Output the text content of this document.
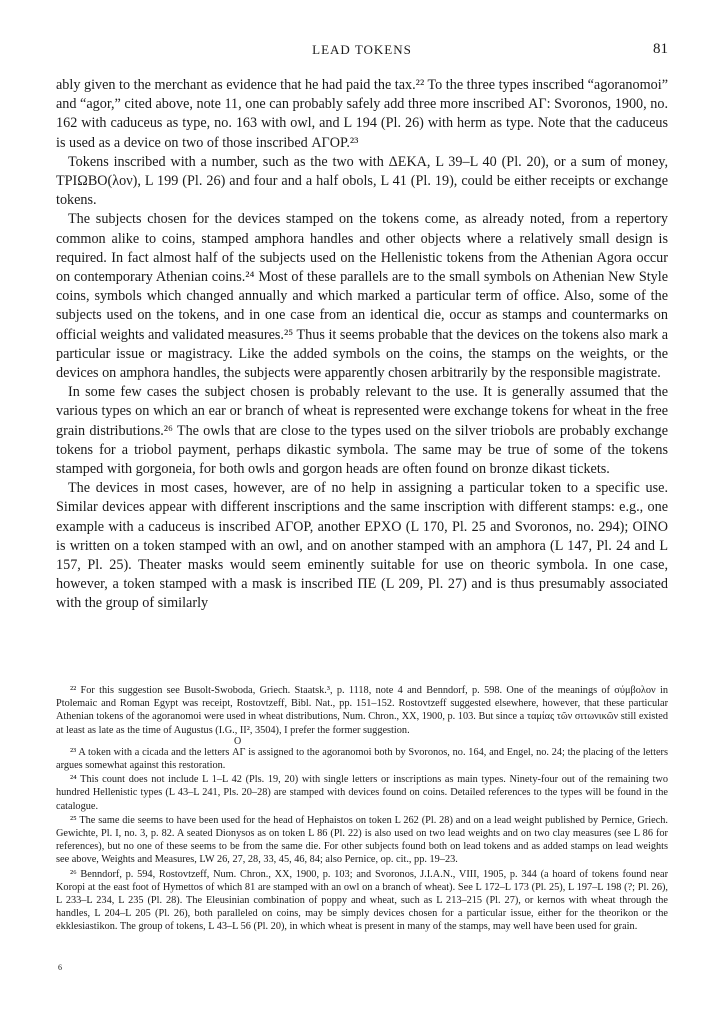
LEAD TOKENS	81

ably given to the merchant as evidence that he had paid the tax.²² To the three types inscribed “agoranomoi” and “agor,” cited above, note 11, one can probably safely add three more inscribed ΑΓ: Svoronos, 1900, no. 162 with caduceus as type, no. 163 with owl, and L 194 (Pl. 26) with herm as type. Note that the caduceus is used as a device on two of those inscribed ΑΓΟΡ.²³

Tokens inscribed with a number, such as the two with ΔΕΚΑ, L 39–L 40 (Pl. 20), or a sum of money, ΤΡΙΩΒΟ(λον), L 199 (Pl. 26) and four and a half obols, L 41 (Pl. 19), could be either receipts or exchange tokens.

The subjects chosen for the devices stamped on the tokens come, as already noted, from a repertory common alike to coins, stamped amphora handles and other objects where a relatively small design is required. In fact almost half of the subjects used on the Hellenistic tokens from the Athenian Agora occur on contemporary Athenian coins.²⁴ Most of these parallels are to the small symbols on Athenian New Style coins, symbols which changed annually and which marked a particular term of office. Also, some of the subjects used on the tokens, and in one case from an identical die, occur as stamps and countermarks on official weights and validated measures.²⁵ Thus it seems probable that the devices on the tokens also mark a particular issue or magistracy. Like the added symbols on the coins, the stamps on the weights, or the devices on amphora handles, the subjects were apparently chosen arbitrarily by the responsible magistrate.

In some few cases the subject chosen is probably relevant to the use. It is generally assumed that the various types on which an ear or branch of wheat is represented were exchange tokens for wheat in the free grain distributions.²⁶ The owls that are close to the types used on the silver triobols are probably exchange tokens for a triobol payment, perhaps dikastic symbola. The same may be true of some of the tokens stamped with gorgoneia, for both owls and gorgon heads are often found on bronze dikast tickets.

The devices in most cases, however, are of no help in assigning a particular token to a specific use. Similar devices appear with different inscriptions and the same inscription with different stamps: e.g., one example with a caduceus is inscribed ΑΓΟΡ, another ΕΡΧΟ (L 170, Pl. 25 and Svoronos, no. 294); ΟΙΝΟ is written on a token stamped with an owl, and on another stamped with an amphora (L 147, Pl. 24 and L 157, Pl. 25). Theater masks would seem eminently suitable for use on theoric symbola. In one case, however, a token stamped with a mask is inscribed ΠΕ (L 209, Pl. 27) and is thus presumably associated with the group of similarly

²² For this suggestion see Busolt-Swoboda, Griech. Staatsk.³, p. 1118, note 4 and Benndorf, p. 598. One of the meanings of σύμβολον in Ptolemaic and Roman Egypt was receipt, Rostovtzeff, Bibl. Nat., pp. 151–152. Rostovtzeff suggested elsewhere, however, that these particular Athenian tokens of the agoranomoi were used in wheat distributions, Num. Chron., XX, 1900, p. 103. But since a ταμίας τῶν σιτωνικῶν still existed at least as late as the time of Augustus (I.G., II², 3504), I prefer the former suggestion.

O

²³ A token with a cicada and the letters ΑΓ is assigned to the agoranomoi both by Svoronos, no. 164, and Engel, no. 24; the placing of the letters argues somewhat against this restoration.

²⁴ This count does not include L 1–L 42 (Pls. 19, 20) with single letters or inscriptions as main types. Ninety-four out of the remaining two hundred Hellenistic types (L 43–L 241, Pls. 20–28) are stamped with devices found on coins. Detailed references to the types will be found in the catalogue.

²⁵ The same die seems to have been used for the head of Hephaistos on token L 262 (Pl. 28) and on a lead weight published by Pernice, Griech. Gewichte, Pl. I, no. 3, p. 82. A seated Dionysos as on token L 86 (Pl. 22) is also used on two lead weights and on two clay measures (see L 86 for references), but no one of these seems to be from the same die. For other subjects found both on lead tokens and as added stamps on lead weights see above, Weights and Measures, LW 26, 27, 28, 33, 45, 46, 84; also Pernice, op. cit., pp. 19–23.

²⁶ Benndorf, p. 594, Rostovtzeff, Num. Chron., XX, 1900, p. 103; and Svoronos, J.I.A.N., VIII, 1905, p. 344 (a hoard of tokens found near Koropi at the east foot of Hymettos of which 81 are stamped with an owl on a branch of wheat). See L 172–L 173 (Pl. 25), L 197–L 198 (?; Pl. 26), L 233–L 234, L 235 (Pl. 28). The Eleusinian combination of poppy and wheat, such as L 213–215 (Pl. 27), or kernos with wheat through the handles, L 204–L 205 (Pl. 26), both paralleled on coins, may be simply devices chosen for a particular issue, either for the theorikon or the ekklesiastikon. The group of tokens, L 43–L 56 (Pl. 20), in which wheat is present in many of the stamps, may well have been used for grain.

6
